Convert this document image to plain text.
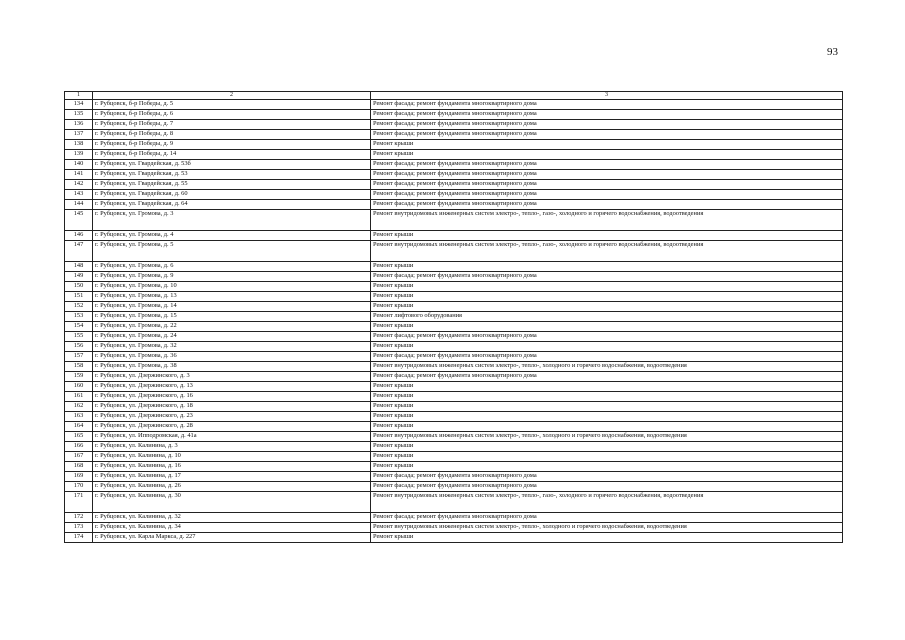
93
1	2	3
134	г. Рубцовск, б-р Победы, д. 5	Ремонт фасада; ремонт фундамента многоквартирного дома
135	г. Рубцовск, б-р Победы, д. 6	Ремонт фасада; ремонт фундамента многоквартирного дома
136	г. Рубцовск, б-р Победы, д. 7	Ремонт фасада; ремонт фундамента многоквартирного дома
137	г. Рубцовск, б-р Победы, д. 8	Ремонт фасада; ремонт фундамента многоквартирного дома
138	г. Рубцовск, б-р Победы, д. 9	Ремонт крыши
139	г. Рубцовск, б-р Победы, д. 14	Ремонт крыши
140	г. Рубцовск, ул. Гвардейская, д. 53б	Ремонт фасада; ремонт фундамента многоквартирного дома
141	г. Рубцовск, ул. Гвардейская, д. 53	Ремонт фасада; ремонт фундамента многоквартирного дома
142	г. Рубцовск, ул. Гвардейская, д. 55	Ремонт фасада; ремонт фундамента многоквартирного дома
143	г. Рубцовск, ул. Гвардейская, д. 60	Ремонт фасада; ремонт фундамента многоквартирного дома
144	г. Рубцовск, ул. Гвардейская, д. 64	Ремонт фасада; ремонт фундамента многоквартирного дома
145	г. Рубцовск, ул. Громова, д. 3	Ремонт внутридомовых инженерных систем электро-, тепло-, газо-, холодного и горячего водоснабжения, водоотведения
146	г. Рубцовск, ул. Громова, д. 4	Ремонт крыши
147	г. Рубцовск, ул. Громова, д. 5	Ремонт внутридомовых инженерных систем электро-, тепло-, газо-, холодного и горячего водоснабжения, водоотведения
148	г. Рубцовск, ул. Громова, д. 6	Ремонт крыши
149	г. Рубцовск, ул. Громова, д. 9	Ремонт фасада; ремонт фундамента многоквартирного дома
150	г. Рубцовск, ул. Громова, д. 10	Ремонт крыши
151	г. Рубцовск, ул. Громова, д. 13	Ремонт крыши
152	г. Рубцовск, ул. Громова, д. 14	Ремонт крыши
153	г. Рубцовск, ул. Громова, д. 15	Ремонт лифтового оборудования
154	г. Рубцовск, ул. Громова, д. 22	Ремонт крыши
155	г. Рубцовск, ул. Громова, д. 24	Ремонт фасада; ремонт фундамента многоквартирного дома
156	г. Рубцовск, ул. Громова, д. 32	Ремонт крыши
157	г. Рубцовск, ул. Громова, д. 36	Ремонт фасада; ремонт фундамента многоквартирного дома
158	г. Рубцовск, ул. Громова, д. 38	Ремонт внутридомовых инженерных систем электро-, тепло-, холодного и горячего водоснабжения, водоотведения
159	г. Рубцовск, ул. Дзержинского, д. 3	Ремонт фасада; ремонт фундамента многоквартирного дома
160	г. Рубцовск, ул. Дзержинского, д. 13	Ремонт крыши
161	г. Рубцовск, ул. Дзержинского, д. 16	Ремонт крыши
162	г. Рубцовск, ул. Дзержинского, д. 18	Ремонт крыши
163	г. Рубцовск, ул. Дзержинского, д. 23	Ремонт крыши
164	г. Рубцовск, ул. Дзержинского, д. 28	Ремонт крыши
165	г. Рубцовск, ул. Ипподромская, д. 41а	Ремонт внутридомовых инженерных систем электро-, тепло-, холодного и горячего водоснабжения, водоотведения
166	г. Рубцовск, ул. Калинина, д. 3	Ремонт крыши
167	г. Рубцовск, ул. Калинина, д. 10	Ремонт крыши
168	г. Рубцовск, ул. Калинина, д. 16	Ремонт крыши
169	г. Рубцовск, ул. Калинина, д. 17	Ремонт фасада; ремонт фундамента многоквартирного дома
170	г. Рубцовск, ул. Калинина, д. 26	Ремонт фасада; ремонт фундамента многоквартирного дома
171	г. Рубцовск, ул. Калинина, д. 30	Ремонт внутридомовых инженерных систем электро-, тепло-, газо-, холодного и горячего водоснабжения, водоотведения
172	г. Рубцовск, ул. Калинина, д. 32	Ремонт фасада; ремонт фундамента многоквартирного дома
173	г. Рубцовск, ул. Калинина, д. 34	Ремонт внутридомовых инженерных систем электро-, тепло-, холодного и горячего водоснабжения, водоотведения
174	г. Рубцовск, ул. Карла Маркса, д. 227	Ремонт крыши
